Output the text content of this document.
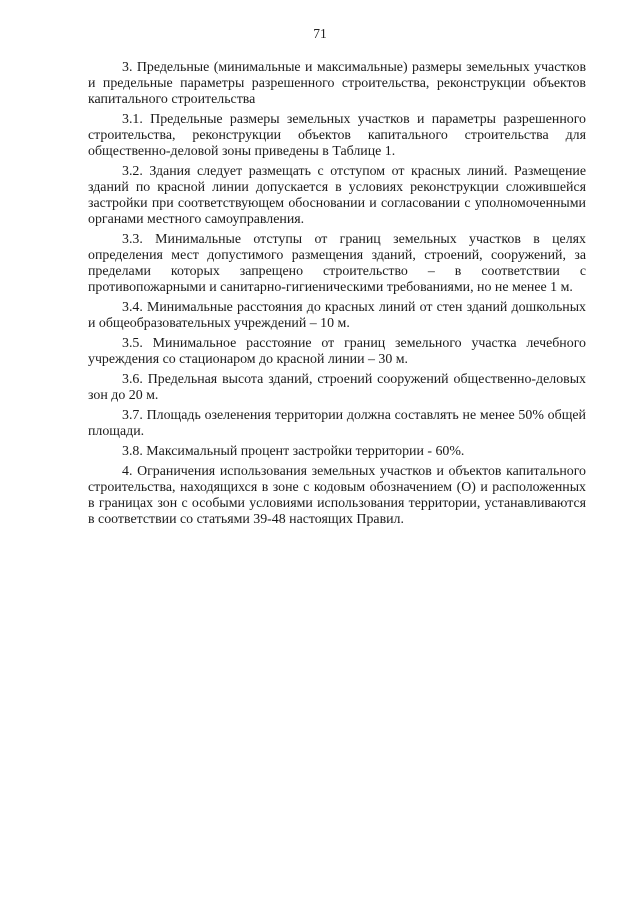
71

3. Предельные (минимальные и максимальные) размеры земельных участков и предельные параметры разрешенного строительства, реконструкции объектов капитального строительства

3.1. Предельные размеры земельных участков и параметры разрешенного строительства, реконструкции объектов капитального строительства для общественно-деловой зоны приведены в Таблице 1.

3.2. Здания следует размещать с отступом от красных линий. Размещение зданий по красной линии допускается в условиях реконструкции сложившейся застройки при соответствующем обосновании и согласовании с уполномоченными органами местного самоуправления.

3.3. Минимальные отступы от границ земельных участков в целях определения мест допустимого размещения зданий, строений, сооружений, за пределами которых запрещено строительство – в соответствии с противопожарными и санитарно-гигиеническими требованиями, но не менее 1 м.

3.4. Минимальные расстояния до красных линий от стен зданий дошкольных и общеобразовательных учреждений – 10 м.

3.5. Минимальное расстояние от границ земельного участка лечебного учреждения со стационаром до красной линии – 30 м.

3.6. Предельная высота зданий, строений сооружений общественно-деловых зон до 20 м.

3.7. Площадь озеленения территории должна составлять не менее 50% общей площади.

3.8. Максимальный процент застройки территории - 60%.

4. Ограничения использования земельных участков и объектов капитального строительства, находящихся в зоне с кодовым обозначением (О) и расположенных в границах зон с особыми условиями использования территории, устанавливаются в соответствии со статьями 39-48 настоящих Правил.
